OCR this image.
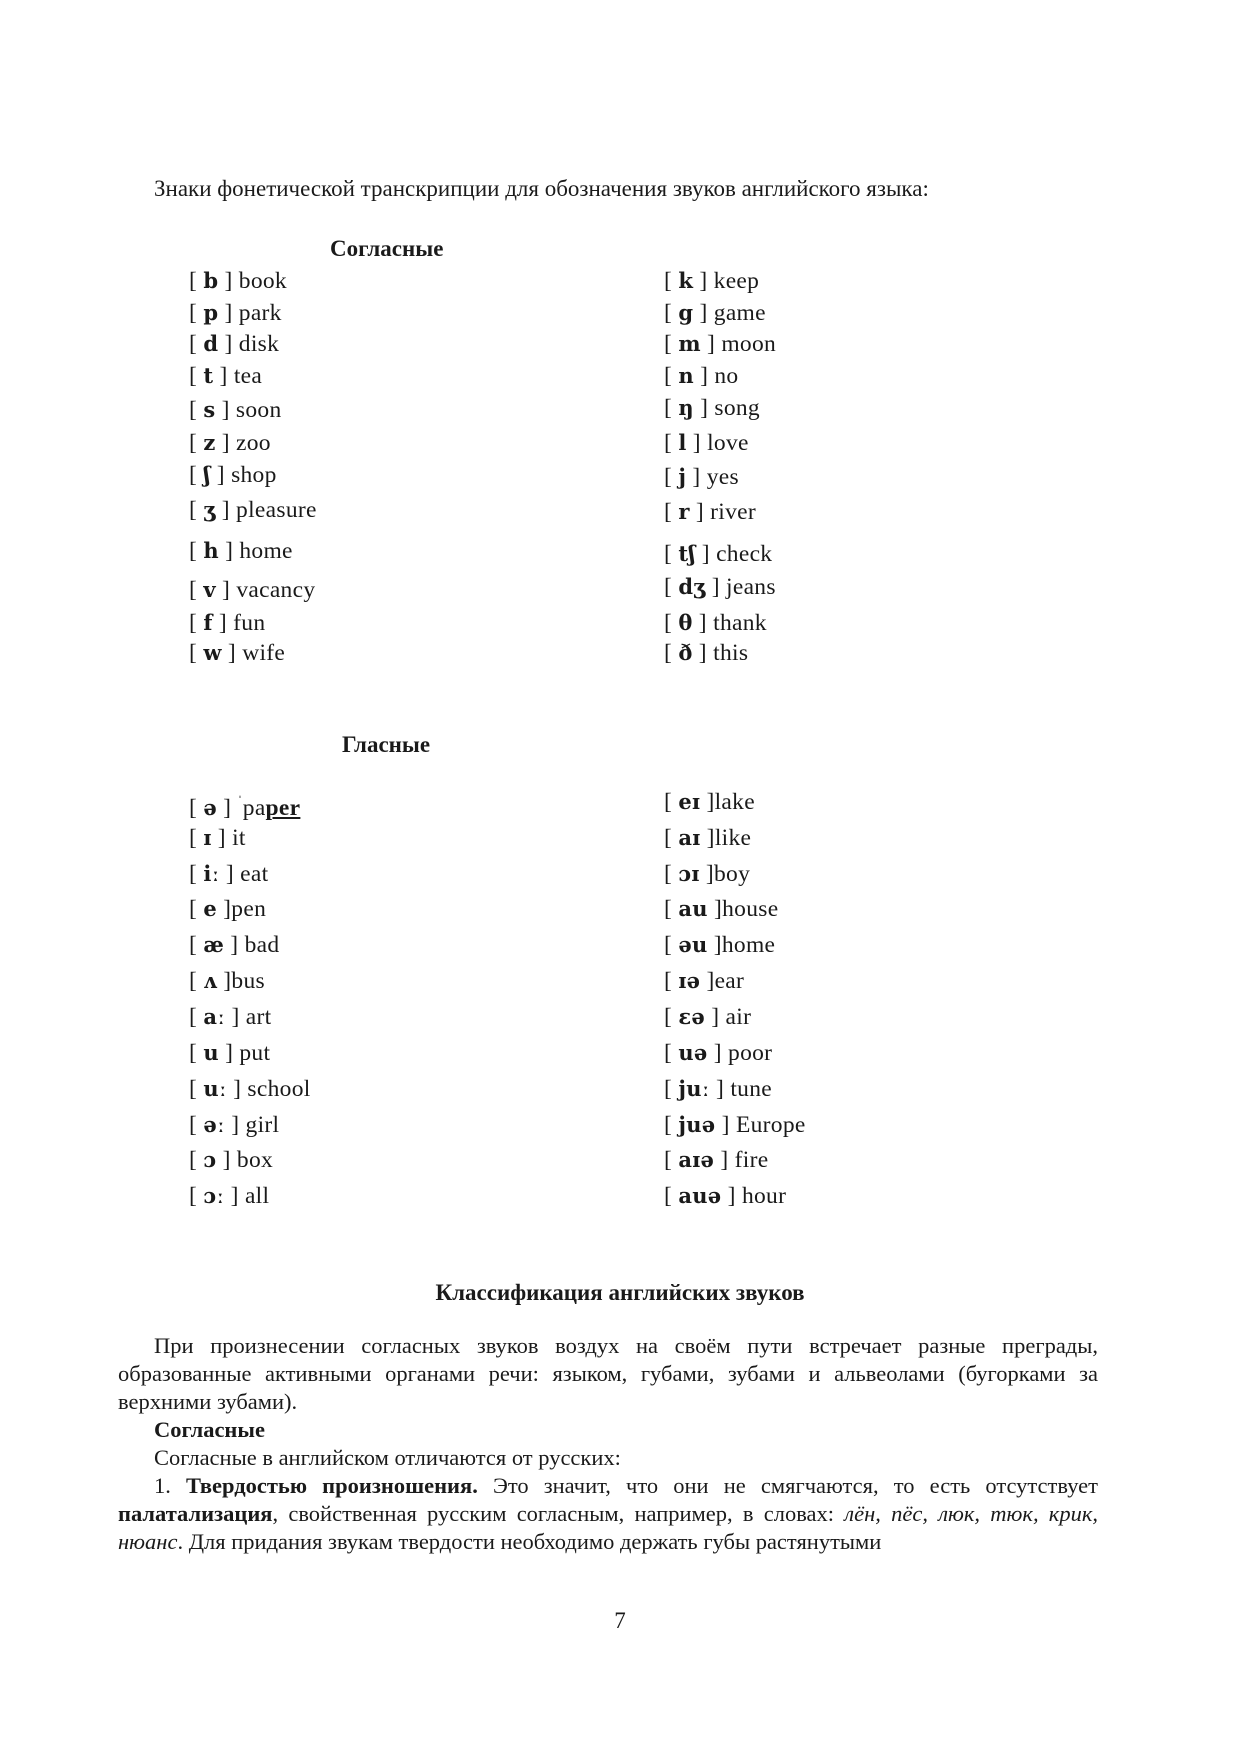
Знаки фонетической транскрипции для обозначения звуков английского языка:
Согласные
[ b ] book
[ p ] park
[ d ] disk
[ t ] tea
[ s ] soon
[ z ] zoo
[ ʃ ] shop
[ ʒ ] pleasure
[ h ] home
[ v ] vacancy
[ f ] fun
[ w ] wife
[ k ] keep
[ g ] game
[ m ] moon
[ n ] no
[ ŋ ] song
[ l ] love
[ j ] yes
[ r ] river
[ tʃ ] check
[ dʒ ] jeans
[ θ ] thank
[ ð ] this
Гласные
[ ə ] $^ˈ$paper
[ ɪ ] it
[ iː ] eat
[ e ]pen
[ æ ] bad
[ ʌ ]bus
[ aː ] art
[ u ] put
[ uː ] school
[ əː ] girl
[ ɔ ] box
[ ɔː ] all
[ eɪ ]lake
[ aɪ ]like
[ ɔɪ ]boy
[ au ]house
[ əu ]home
[ ɪə ]ear
[ ɛə ] air
[ uə ] poor
[ juː ] tune
[ juə ] Europe
[ aɪə ] fire
[ auə ] hour
Классификация английских звуков
При произнесении согласных звуков воздух на своём пути встречает разные преграды, образованные активными органами речи: языком, губами, зубами и альвеолами (бугорками за верхними зубами).
Согласные
Согласные в английском отличаются от русских:
1. Твердостью произношения. Это значит, что они не смягчаются, то есть отсутствует палатализация, свойственная русским согласным, например, в словах: лён, пёс, люк, тюк, крик, нюанс. Для придания звукам твердости необходимо держать губы растянутыми
7
